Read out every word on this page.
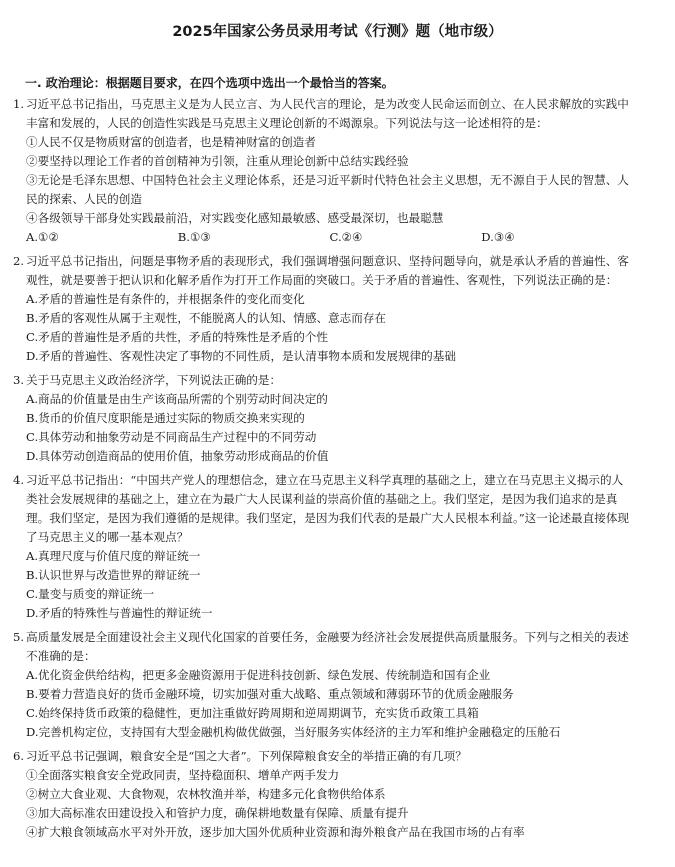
2025年国家公务员录用考试《行测》题（地市级）
一. 政治理论：根据题目要求，在四个选项中选出一个最恰当的答案。
1. 习近平总书记指出，马克思主义是为人民立言、为人民代言的理论，是为改变人民命运而创立、在人民求解放的实践中丰富和发展的，人民的创造性实践是马克思主义理论创新的不竭源泉。下列说法与这一论述相符的是：
①人民不仅是物质财富的创造者，也是精神财富的创造者
②要坚持以理论工作者的首创精神为引领，注重从理论创新中总结实践经验
③无论是毛泽东思想、中国特色社会主义理论体系，还是习近平新时代特色社会主义思想，无不源自于人民的智慧、人民的探索、人民的创造
④各级领导干部身处实践最前沿，对实践变化感知最敏感、感受最深切，也最聪慧
A.①②	B.①③	C.②④	D.③④
2. 习近平总书记指出，问题是事物矛盾的表现形式，我们强调增强问题意识、坚持问题导向，就是承认矛盾的普遍性、客观性，就是要善于把认识和化解矛盾作为打开工作局面的突破口。关于矛盾的普遍性、客观性，下列说法正确的是：
A.矛盾的普遍性是有条件的，并根据条件的变化而变化
B.矛盾的客观性从属于主观性，不能脱离人的认知、情感、意志而存在
C.矛盾的普遍性是矛盾的共性，矛盾的特殊性是矛盾的个性
D.矛盾的普遍性、客观性决定了事物的不同性质，是认清事物本质和发展规律的基础
3. 关于马克思主义政治经济学，下列说法正确的是：
A.商品的价值量是由生产该商品所需的个别劳动时间决定的
B.货币的价值尺度职能是通过实际的物质交换来实现的
C.具体劳动和抽象劳动是不同商品生产过程中的不同劳动
D.具体劳动创造商品的使用价值，抽象劳动形成商品的价值
4. 习近平总书记指出：“中国共产党人的理想信念，建立在马克思主义科学真理的基础之上，建立在马克思主义揭示的人类社会发展规律的基础之上，建立在为最广大人民谋利益的崇高价值的基础之上。我们坚定，是因为我们追求的是真理。我们坚定，是因为我们遵循的是规律。我们坚定，是因为我们代表的是最广大人民根本利益。”这一论述最直接体现了马克思主义的哪一基本观点？
A.真理尺度与价值尺度的辩证统一
B.认识世界与改造世界的辩证统一
C.量变与质变的辩证统一
D.矛盾的特殊性与普遍性的辩证统一
5. 高质量发展是全面建设社会主义现代化国家的首要任务，金融要为经济社会发展提供高质量服务。下列与之相关的表述不准确的是：
A.优化资金供给结构，把更多金融资源用于促进科技创新、绿色发展、传统制造和国有企业
B.要着力营造良好的货币金融环境，切实加强对重大战略、重点领域和薄弱环节的优质金融服务
C.始终保持货币政策的稳健性，更加注重做好跨周期和逆周期调节，充实货币政策工具箱
D.完善机构定位，支持国有大型金融机构做优做强，当好服务实体经济的主力军和维护金融稳定的压舱石
6. 习近平总书记强调，粮食安全是“国之大者”。下列保障粮食安全的举措正确的有几项？
①全面落实粮食安全党政同责，坚持稳面积、增单产两手发力
②树立大食业观、大食物观，农林牧渔并举，构建多元化食物供给体系
③加大高标准农田建设投入和管护力度，确保耕地数量有保障、质量有提升
④扩大粮食领域高水平对外开放，逐步加大国外优质种业资源和海外粮食产品在我国市场的占有率
